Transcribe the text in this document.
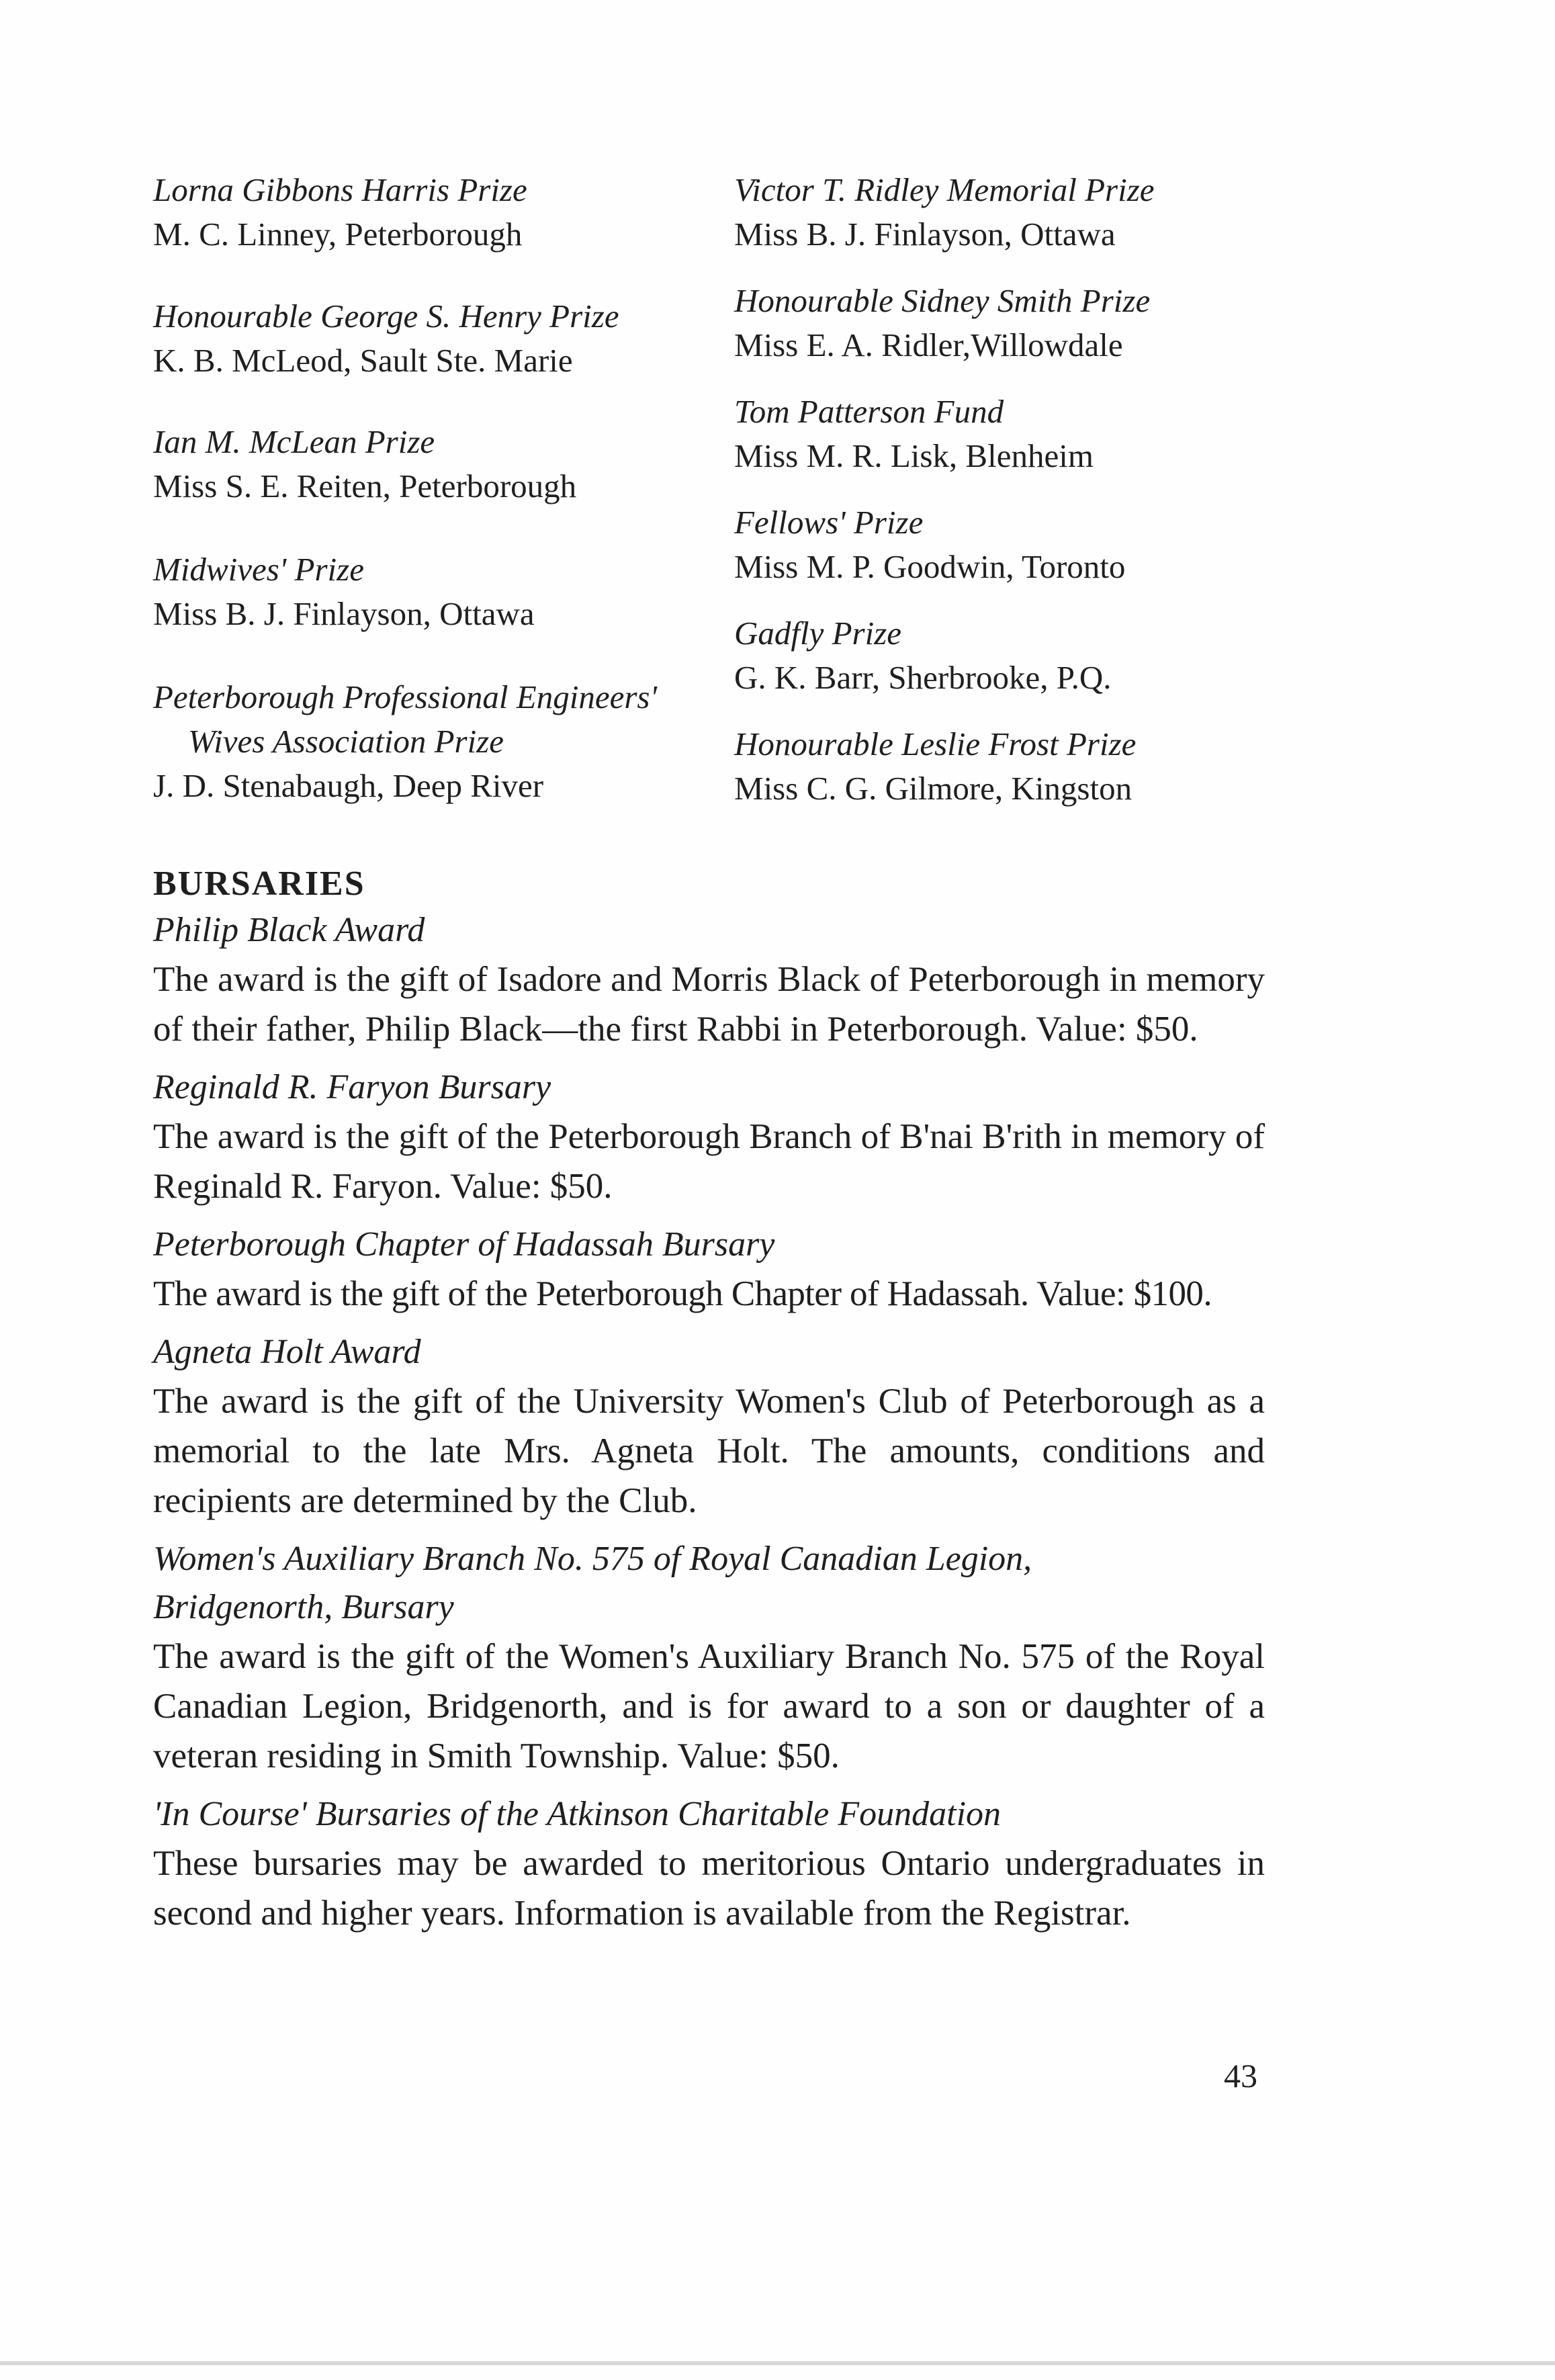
Lorna Gibbons Harris Prize
M. C. Linney, Peterborough
Honourable George S. Henry Prize
K. B. McLeod, Sault Ste. Marie
Ian M. McLean Prize
Miss S. E. Reiten, Peterborough
Midwives' Prize
Miss B. J. Finlayson, Ottawa
Peterborough Professional Engineers'
Wives Association Prize
J. D. Stenabaugh, Deep River
Victor T. Ridley Memorial Prize
Miss B. J. Finlayson, Ottawa
Honourable Sidney Smith Prize
Miss E. A. Ridler,Willowdale
Tom Patterson Fund
Miss M. R. Lisk, Blenheim
Fellows' Prize
Miss M. P. Goodwin, Toronto
Gadfly Prize
G. K. Barr, Sherbrooke, P.Q.
Honourable Leslie Frost Prize
Miss C. G. Gilmore, Kingston
BURSARIES
Philip Black Award
The award is the gift of Isadore and Morris Black of Peterborough in memory of their father, Philip Black—the first Rabbi in Peterborough. Value: $50.
Reginald R. Faryon Bursary
The award is the gift of the Peterborough Branch of B'nai B'rith in memory of Reginald R. Faryon. Value: $50.
Peterborough Chapter of Hadassah Bursary
The award is the gift of the Peterborough Chapter of Hadassah. Value: $100.
Agneta Holt Award
The award is the gift of the University Women's Club of Peterborough as a memorial to the late Mrs. Agneta Holt. The amounts, conditions and recipients are determined by the Club.
Women's Auxiliary Branch No. 575 of Royal Canadian Legion,
Bridgenorth, Bursary
The award is the gift of the Women's Auxiliary Branch No. 575 of the Royal Canadian Legion, Bridgenorth, and is for award to a son or daughter of a veteran residing in Smith Township. Value: $50.
'In Course' Bursaries of the Atkinson Charitable Foundation
These bursaries may be awarded to meritorious Ontario undergraduates in second and higher years. Information is available from the Registrar.
43
